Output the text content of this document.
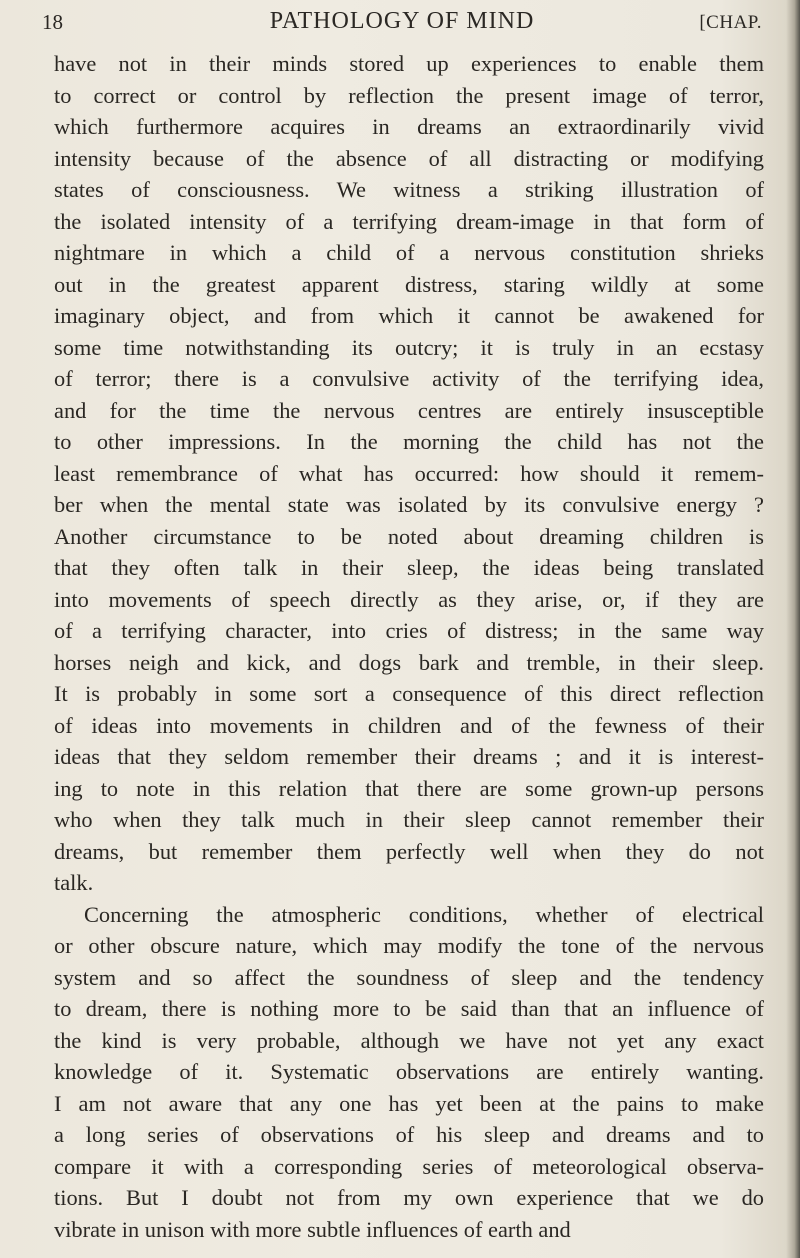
18	PATHOLOGY OF MIND	[CHAP.
have not in their minds stored up experiences to enable them
to correct or control by reflection the present image of terror,
which furthermore acquires in dreams an extraordinarily vivid
intensity because of the absence of all distracting or modifying
states of consciousness. We witness a striking illustration of
the isolated intensity of a terrifying dream-image in that form of
nightmare in which a child of a nervous constitution shrieks
out in the greatest apparent distress, staring wildly at some
imaginary object, and from which it cannot be awakened for
some time notwithstanding its outcry; it is truly in an ecstasy
of terror; there is a convulsive activity of the terrifying idea,
and for the time the nervous centres are entirely insusceptible
to other impressions. In the morning the child has not the
least remembrance of what has occurred: how should it remem-
ber when the mental state was isolated by its convulsive energy ?
Another circumstance to be noted about dreaming children is
that they often talk in their sleep, the ideas being translated
into movements of speech directly as they arise, or, if they are
of a terrifying character, into cries of distress; in the same way
horses neigh and kick, and dogs bark and tremble, in their sleep.
It is probably in some sort a consequence of this direct reflection
of ideas into movements in children and of the fewness of their
ideas that they seldom remember their dreams ; and it is interest-
ing to note in this relation that there are some grown-up persons
who when they talk much in their sleep cannot remember their
dreams, but remember them perfectly well when they do not
talk.
Concerning the atmospheric conditions, whether of electrical
or other obscure nature, which may modify the tone of the nervous
system and so affect the soundness of sleep and the tendency
to dream, there is nothing more to be said than that an influence of
the kind is very probable, although we have not yet any exact
knowledge of it. Systematic observations are entirely wanting.
I am not aware that any one has yet been at the pains to make
a long series of observations of his sleep and dreams and to
compare it with a corresponding series of meteorological observa-
tions. But I doubt not from my own experience that we do
vibrate in unison with more subtle influences of earth and
